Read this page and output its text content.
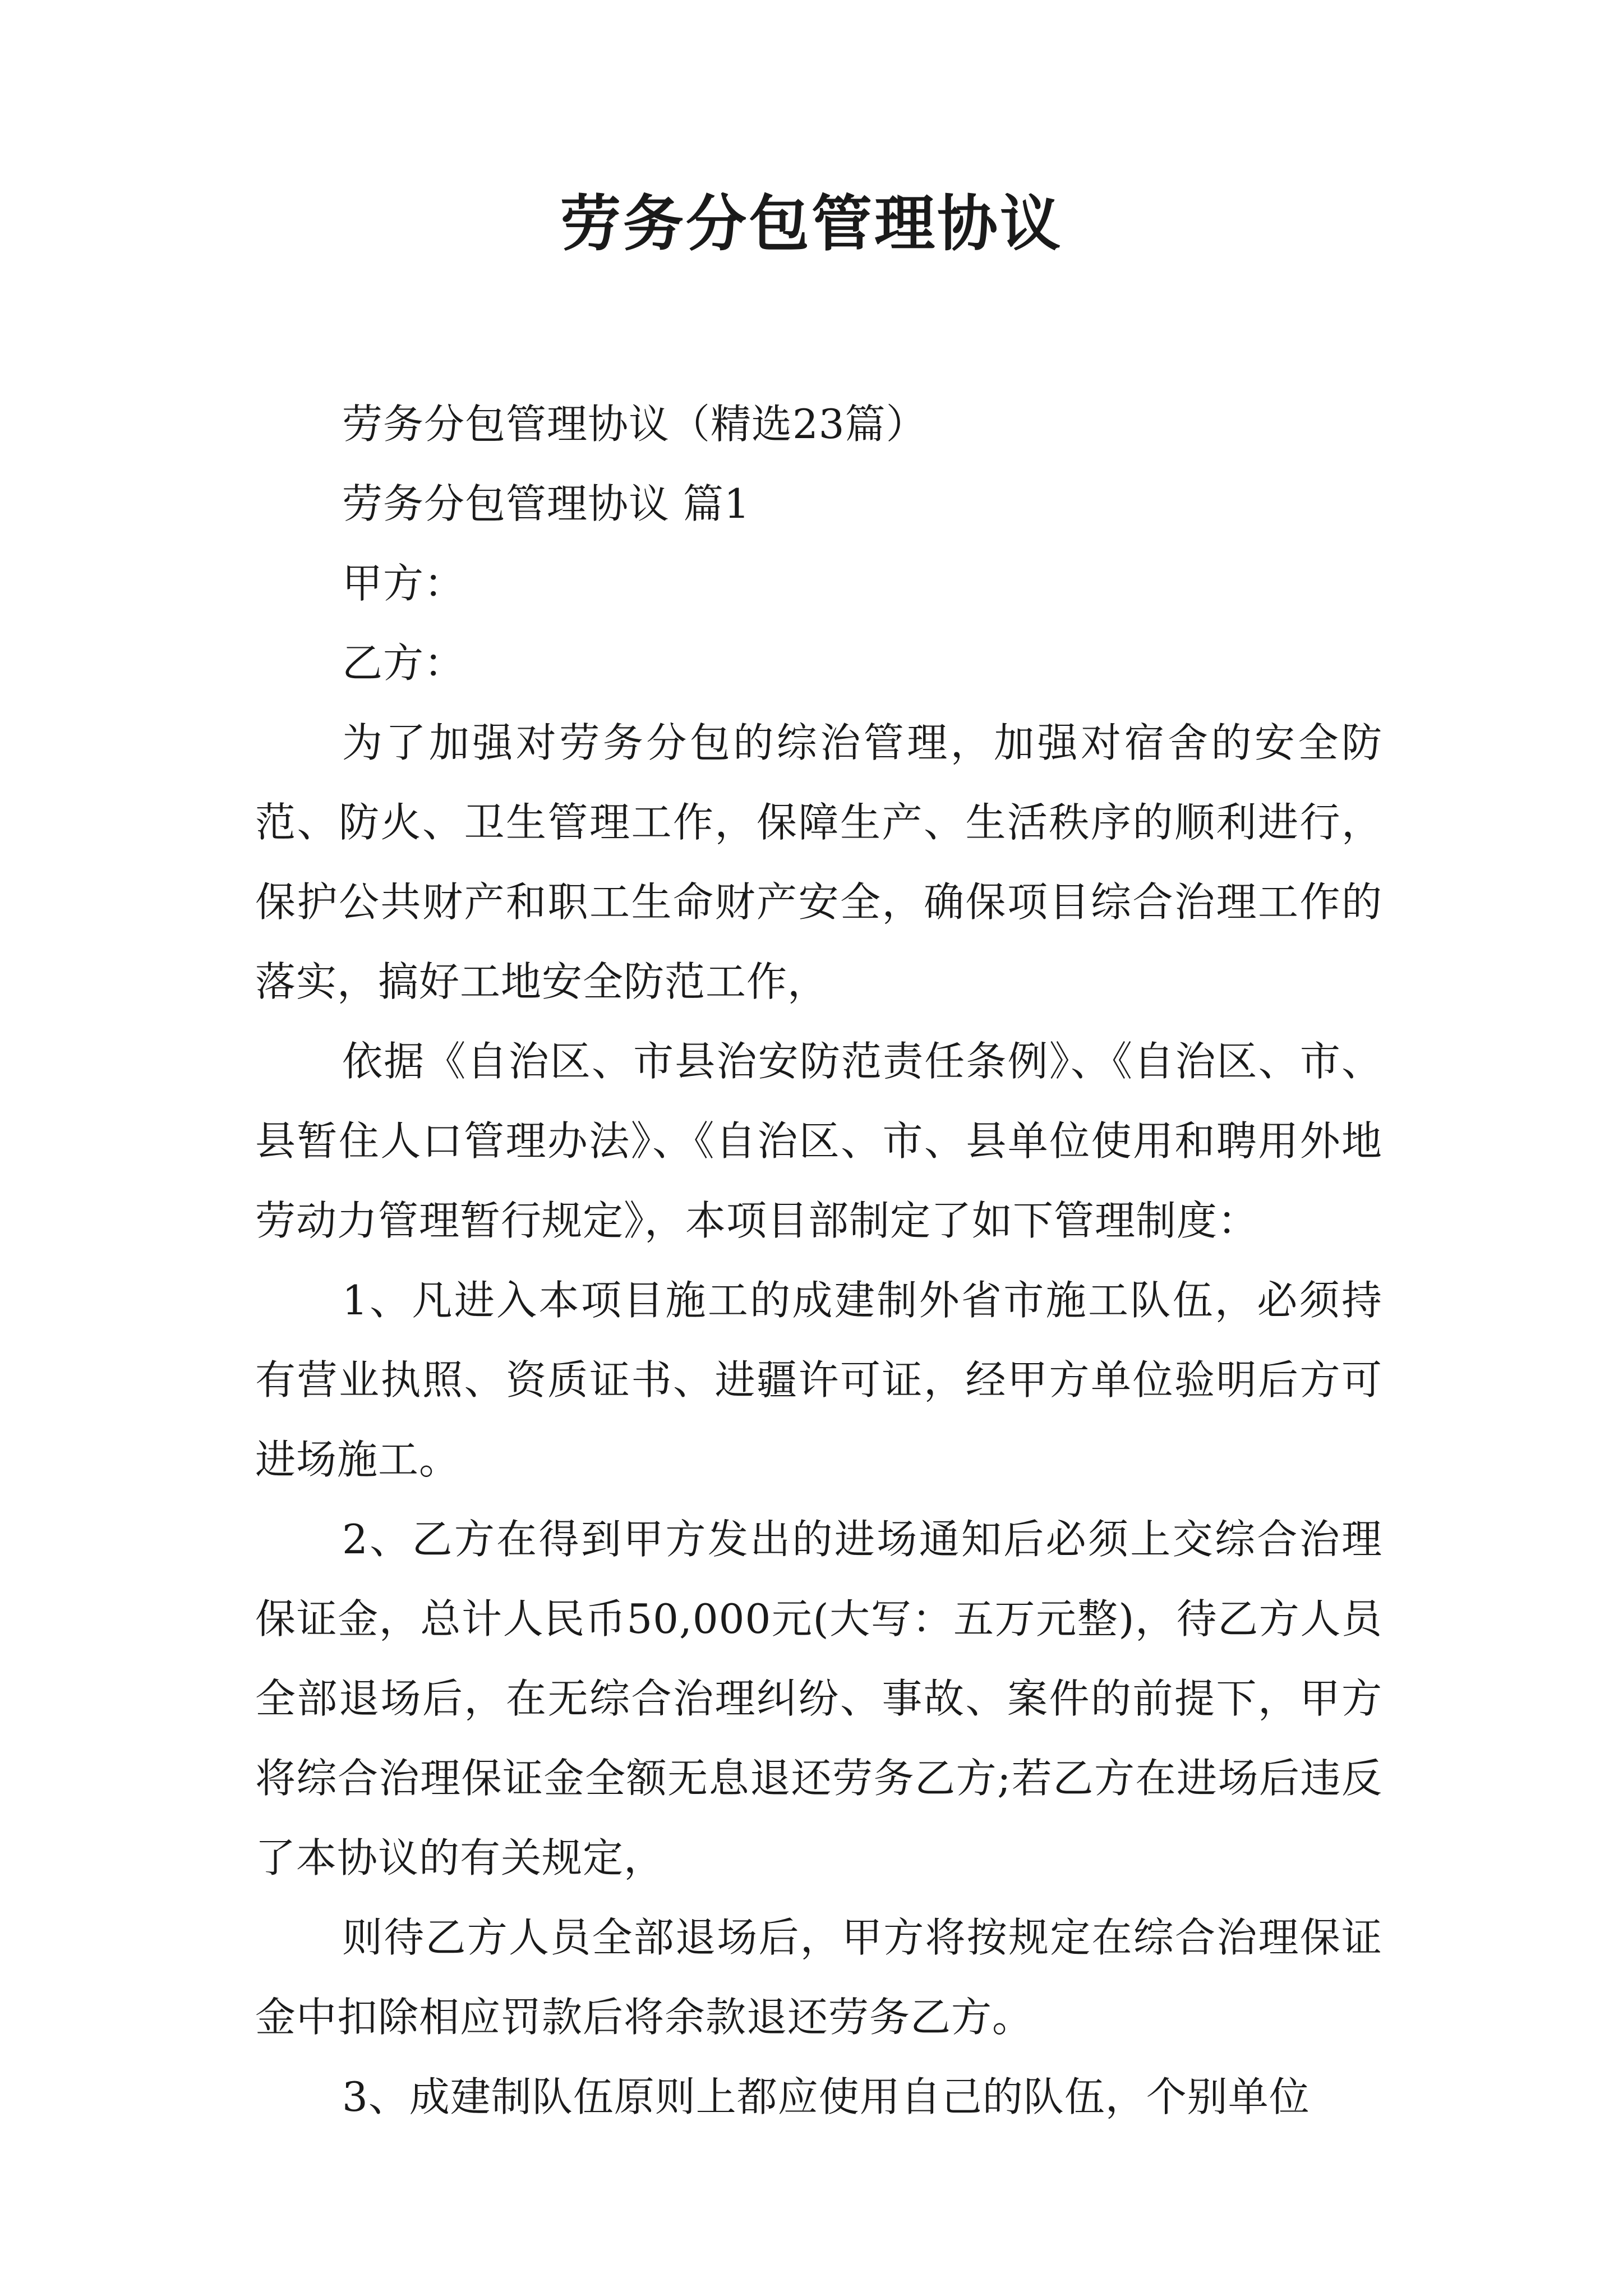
劳务分包管理协议

劳务分包管理协议（精选23篇）

劳务分包管理协议 篇1

甲方：

乙方：

为了加强对劳务分包的综治管理，加强对宿舍的安全防范、防火、卫生管理工作，保障生产、生活秩序的顺利进行，保护公共财产和职工生命财产安全，确保项目综合治理工作的落实，搞好工地安全防范工作，

依据《自治区、市县治安防范责任条例》、《自治区、市、县暂住人口管理办法》、《自治区、市、县单位使用和聘用外地劳动力管理暂行规定》，本项目部制定了如下管理制度：

1、凡进入本项目施工的成建制外省市施工队伍，必须持有营业执照、资质证书、进疆许可证，经甲方单位验明后方可进场施工。

2、乙方在得到甲方发出的进场通知后必须上交综合治理保证金，总计人民币50,000元(大写：五万元整)，待乙方人员全部退场后，在无综合治理纠纷、事故、案件的前提下，甲方将综合治理保证金全额无息退还劳务乙方;若乙方在进场后违反了本协议的有关规定，

则待乙方人员全部退场后，甲方将按规定在综合治理保证金中扣除相应罚款后将余款退还劳务乙方。

3、成建制队伍原则上都应使用自己的队伍，个别单位
